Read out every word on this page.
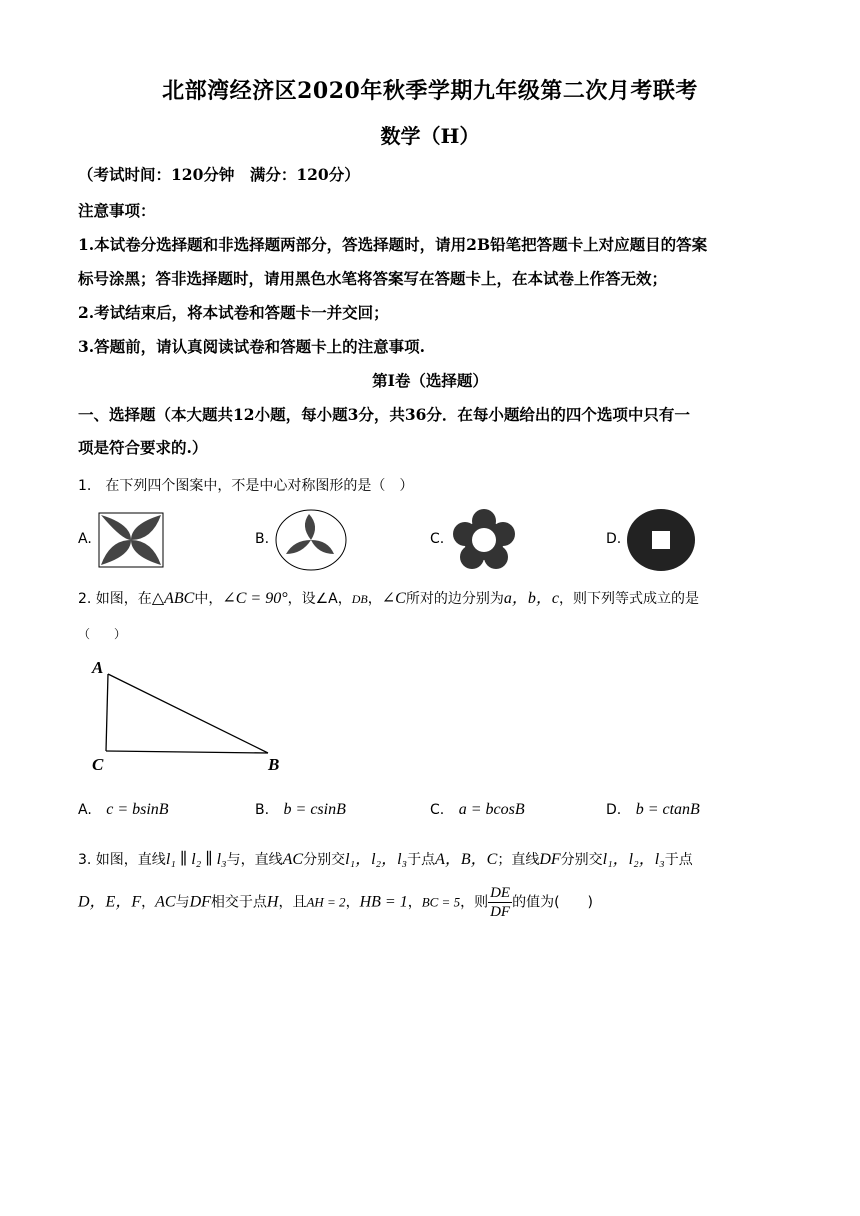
北部湾经济区2020年秋季学期九年级第二次月考联考
数学（H）
（考试时间：120分钟　满分：120分）
注意事项：
1.本试卷分选择题和非选择题两部分，答选择题时，请用2B铅笔把答题卡上对应题目的答案
标号涂黑；答非选择题时，请用黑色水笔将答案写在答题卡上，在本试卷上作答无效；
2.考试结束后，将本试卷和答题卡一并交回；
3.答题前，请认真阅读试卷和答题卡上的注意事项.
第Ⅰ卷（选择题）
一、选择题（本大题共12小题，每小题3分，共36分．在每小题给出的四个选项中只有一
项是符合要求的.）
1.　在下列四个图案中，不是中心对称图形的是（　）
A.	B.	C.	D.
2. 如图，在△ABC中，∠C = 90°，设∠A，DB，∠C所对的边分别为a，b，c，则下列等式成立的是
（　　）
A
C	B
A. c = bsinB	B. b = csinB	C. a = bcosB	D. b = ctanB
3. 如图，直线l₁ ∥ l₂ ∥ l₃与，直线AC分别交l₁，l₂，l₃于点A，B，C；直线DF分别交l₁，l₂，l₃于点
D，E，F，AC与DF相交于点H，且AH = 2，HB = 1，BC = 5，则 $\frac{DE}{DF}$ 的值为(　　)
